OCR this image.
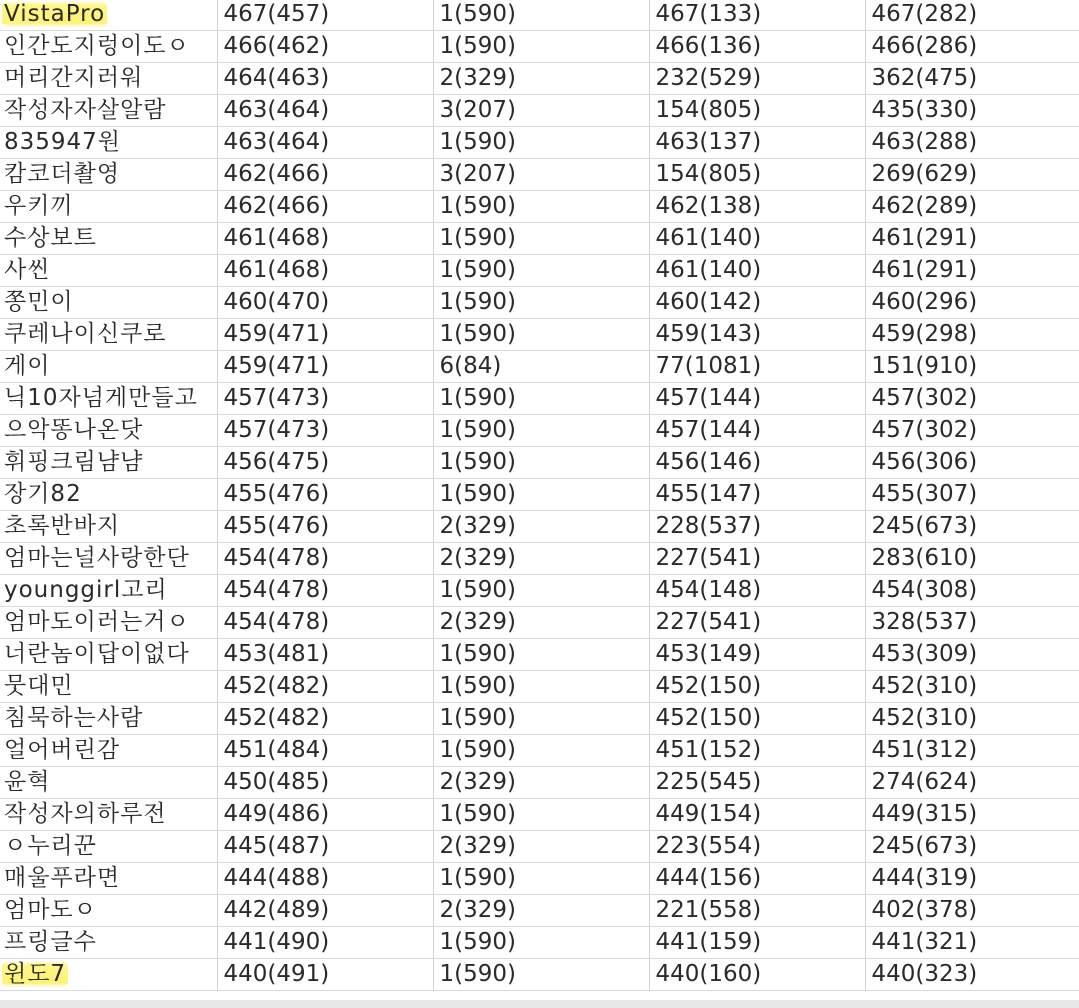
VistaPro	467(457)	1(590)	467(133)	467(282)
인간도지렁이도ㅇ	466(462)	1(590)	466(136)	466(286)
머리간지러워	464(463)	2(329)	232(529)	362(475)
작성자자살알람	463(464)	3(207)	154(805)	435(330)
835947원	463(464)	1(590)	463(137)	463(288)
캄코더촬영	462(466)	3(207)	154(805)	269(629)
우키끼	462(466)	1(590)	462(138)	462(289)
수상보트	461(468)	1(590)	461(140)	461(291)
사씬	461(468)	1(590)	461(140)	461(291)
쫑민이	460(470)	1(590)	460(142)	460(296)
쿠레나이신쿠로	459(471)	1(590)	459(143)	459(298)
게이	459(471)	6(84)	77(1081)	151(910)
닉10자넘게만들고	457(473)	1(590)	457(144)	457(302)
으악똥나온닷	457(473)	1(590)	457(144)	457(302)
휘핑크림냠냠	456(475)	1(590)	456(146)	456(306)
장기82	455(476)	1(590)	455(147)	455(307)
초록반바지	455(476)	2(329)	228(537)	245(673)
엄마는널사랑한단	454(478)	2(329)	227(541)	283(610)
younggirl고리	454(478)	1(590)	454(148)	454(308)
엄마도이러는거ㅇ	454(478)	2(329)	227(541)	328(537)
너란놈이답이없다	453(481)	1(590)	453(149)	453(309)
뭇대민	452(482)	1(590)	452(150)	452(310)
침묵하는사람	452(482)	1(590)	452(150)	452(310)
얼어버린감	451(484)	1(590)	451(152)	451(312)
윤혁	450(485)	2(329)	225(545)	274(624)
작성자의하루전	449(486)	1(590)	449(154)	449(315)
ㅇ누리꾼	445(487)	2(329)	223(554)	245(673)
매울푸라면	444(488)	1(590)	444(156)	444(319)
엄마도ㅇ	442(489)	2(329)	221(558)	402(378)
프링글수	441(490)	1(590)	441(159)	441(321)
윈도7	440(491)	1(590)	440(160)	440(323)
